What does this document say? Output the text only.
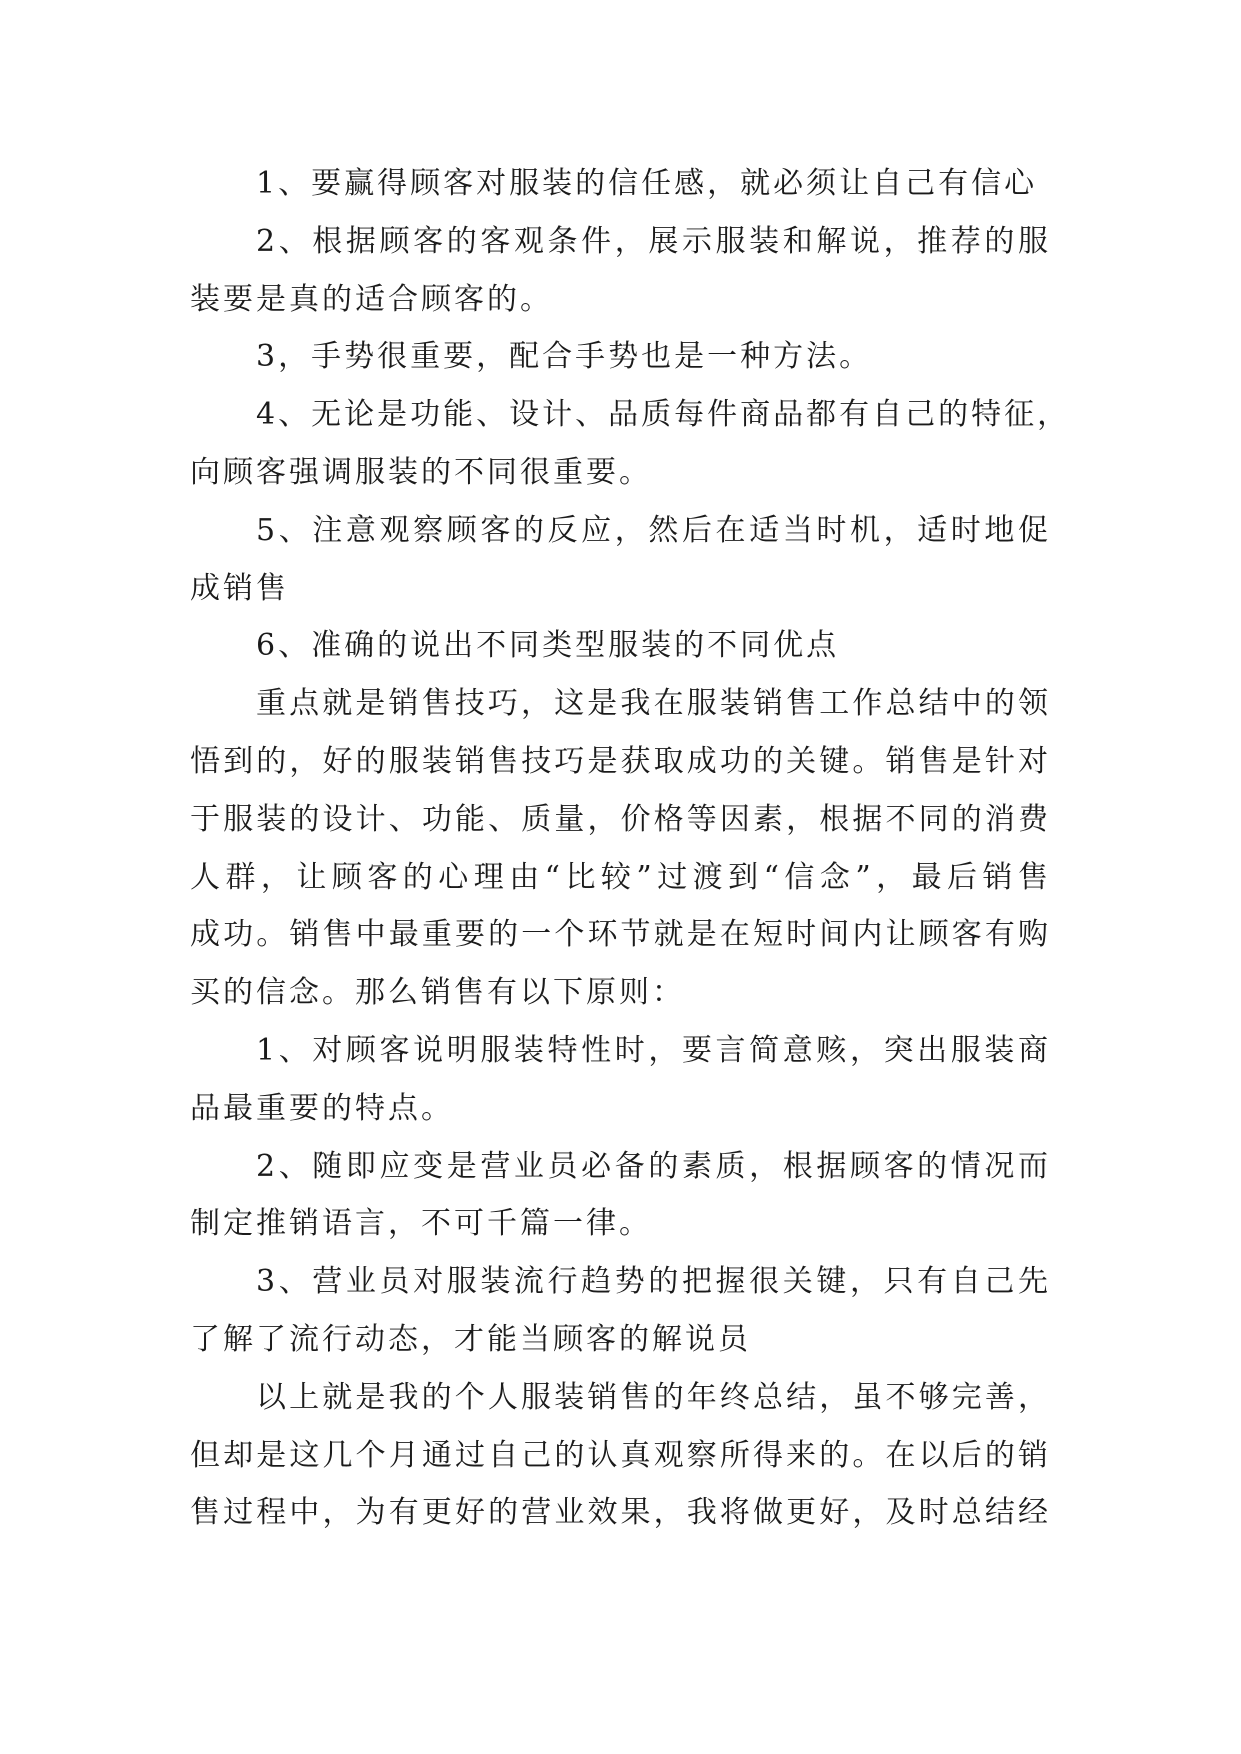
1、要赢得顾客对服装的信任感，就必须让自己有信心
2、根据顾客的客观条件，展示服装和解说，推荐的服
装要是真的适合顾客的。
3，手势很重要，配合手势也是一种方法。
4、无论是功能、设计、品质每件商品都有自己的特征，
向顾客强调服装的不同很重要。
5、注意观察顾客的反应，然后在适当时机，适时地促
成销售
6、准确的说出不同类型服装的不同优点
重点就是销售技巧，这是我在服装销售工作总结中的领
悟到的，好的服装销售技巧是获取成功的关键。销售是针对
于服装的设计、功能、质量，价格等因素，根据不同的消费
人群，让顾客的心理由“比较”过渡到“信念”，最后销售
成功。销售中最重要的一个环节就是在短时间内让顾客有购
买的信念。那么销售有以下原则：
1、对顾客说明服装特性时，要言简意赅，突出服装商
品最重要的特点。
2、随即应变是营业员必备的素质，根据顾客的情况而
制定推销语言，不可千篇一律。
3、营业员对服装流行趋势的把握很关键，只有自己先
了解了流行动态，才能当顾客的解说员
以上就是我的个人服装销售的年终总结，虽不够完善，
但却是这几个月通过自己的认真观察所得来的。在以后的销
售过程中，为有更好的营业效果，我将做更好，及时总结经
